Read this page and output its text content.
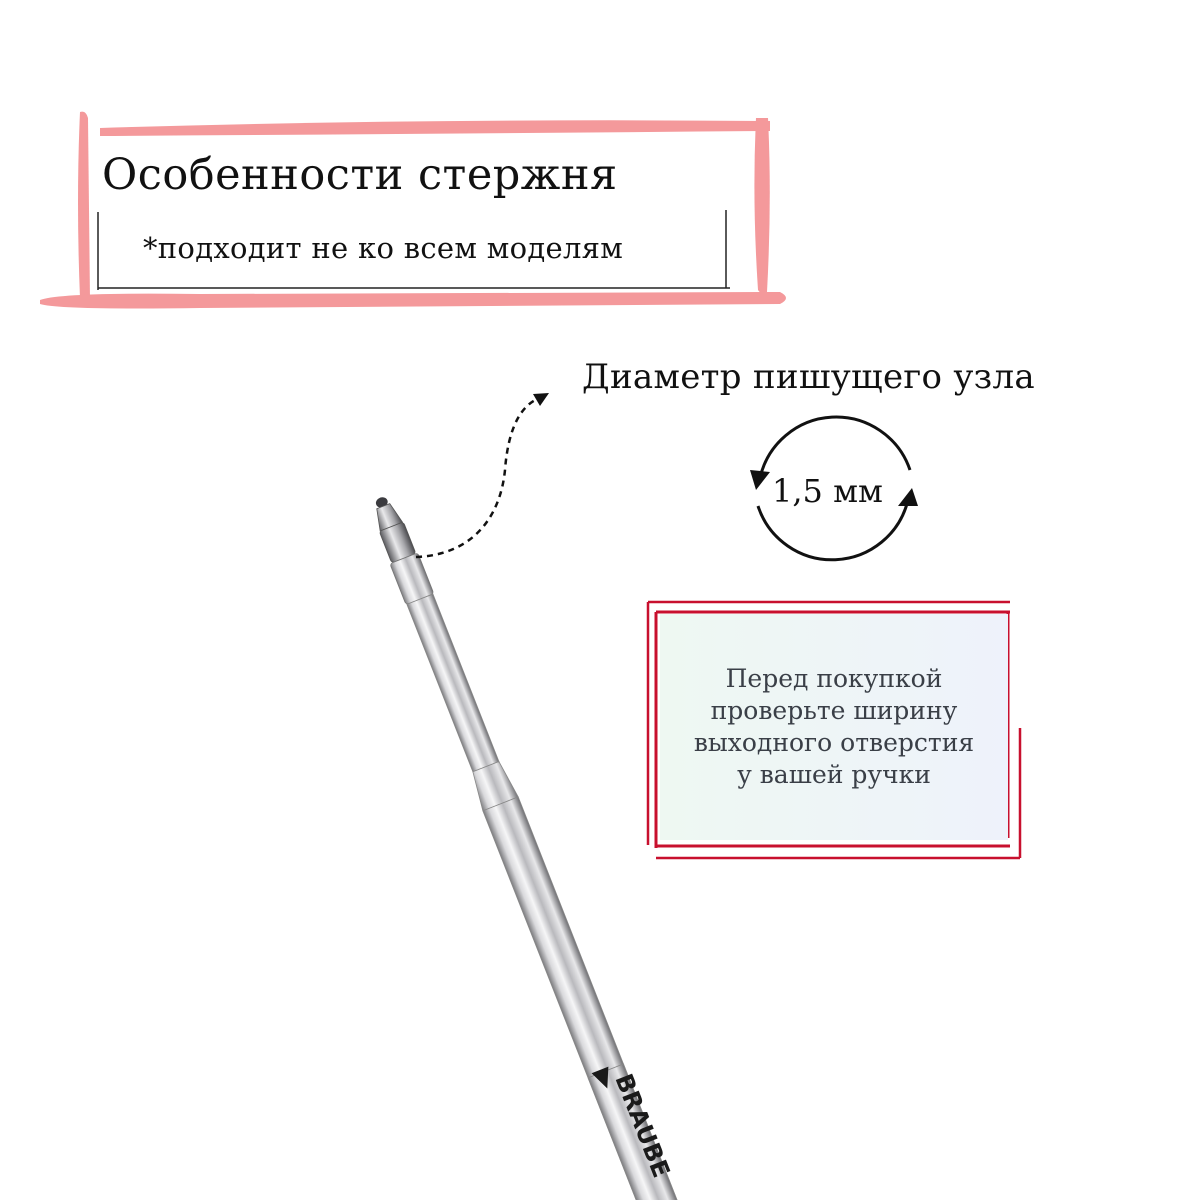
Особенности стержня
*подходит не ко всем моделям
BRAUBE
Диаметр пишущего узла
1,5 мм
Перед покупкой
проверьте ширину
выходного отверстия
у вашей ручки
